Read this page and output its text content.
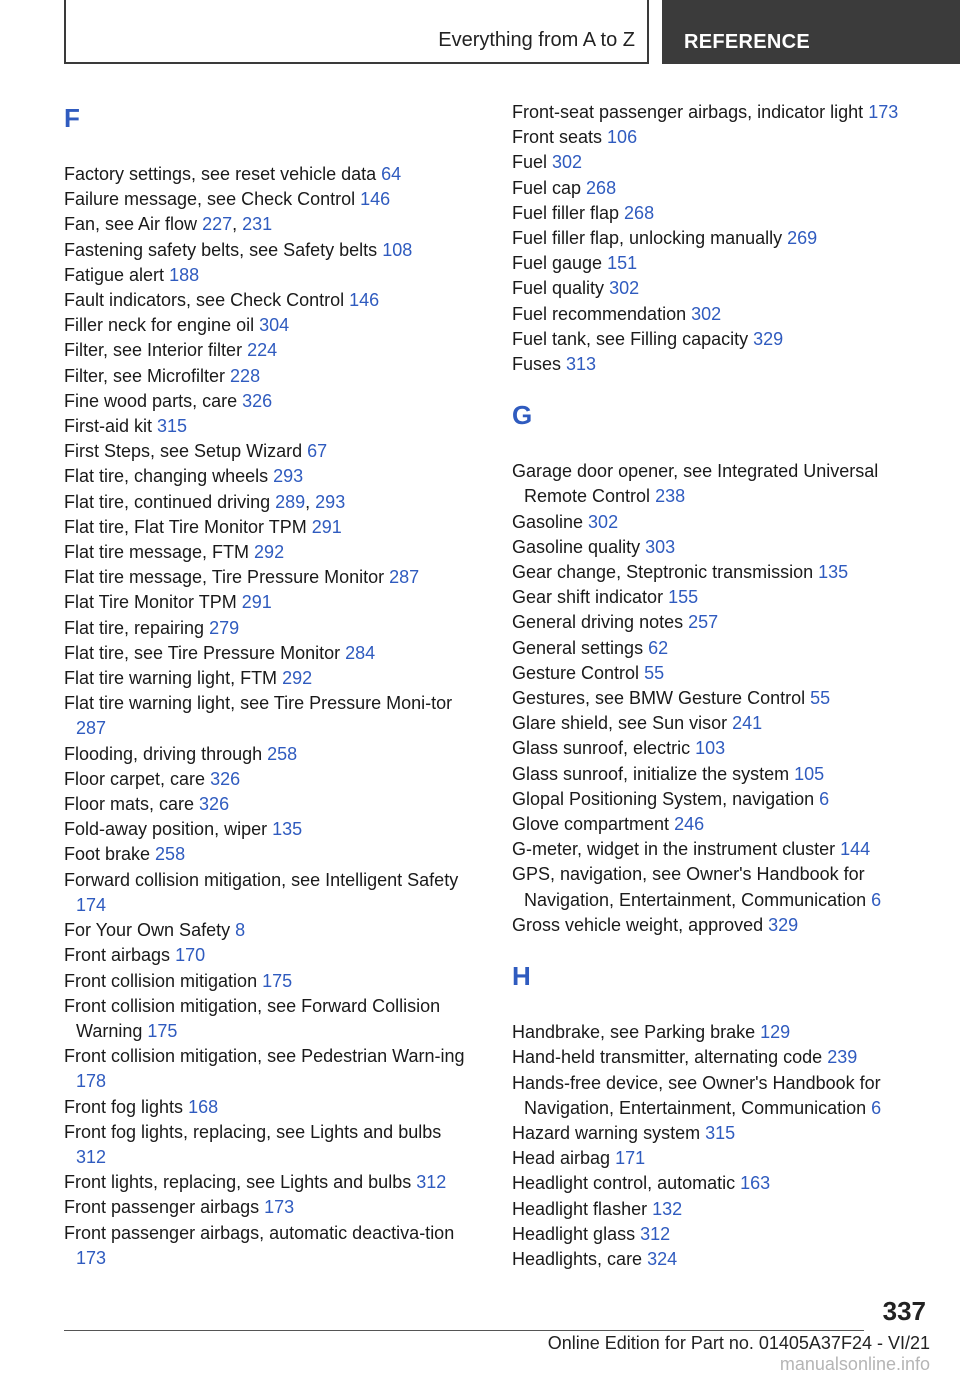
Everything from A to Z REFERENCE
F
Factory settings, see reset vehicle data 64
Failure message, see Check Control 146
Fan, see Air flow 227, 231
Fastening safety belts, see Safety belts 108
Fatigue alert 188
Fault indicators, see Check Control 146
Filler neck for engine oil 304
Filter, see Interior filter 224
Filter, see Microfilter 228
Fine wood parts, care 326
First-aid kit 315
First Steps, see Setup Wizard 67
Flat tire, changing wheels 293
Flat tire, continued driving 289, 293
Flat tire, Flat Tire Monitor TPM 291
Flat tire message, FTM 292
Flat tire message, Tire Pressure Monitor 287
Flat Tire Monitor TPM 291
Flat tire, repairing 279
Flat tire, see Tire Pressure Monitor 284
Flat tire warning light, FTM 292
Flat tire warning light, see Tire Pressure Moni‐tor 287
Flooding, driving through 258
Floor carpet, care 326
Floor mats, care 326
Fold-away position, wiper 135
Foot brake 258
Forward collision mitigation, see Intelligent Safety 174
For Your Own Safety 8
Front airbags 170
Front collision mitigation 175
Front collision mitigation, see Forward Collision Warning 175
Front collision mitigation, see Pedestrian Warn‐ing 178
Front fog lights 168
Front fog lights, replacing, see Lights and bulbs 312
Front lights, replacing, see Lights and bulbs 312
Front passenger airbags 173
Front passenger airbags, automatic deactiva‐tion 173
Front-seat passenger airbags, indicator light 173
Front seats 106
Fuel 302
Fuel cap 268
Fuel filler flap 268
Fuel filler flap, unlocking manually 269
Fuel gauge 151
Fuel quality 302
Fuel recommendation 302
Fuel tank, see Filling capacity 329
Fuses 313
G
Garage door opener, see Integrated Universal Remote Control 238
Gasoline 302
Gasoline quality 303
Gear change, Steptronic transmission 135
Gear shift indicator 155
General driving notes 257
General settings 62
Gesture Control 55
Gestures, see BMW Gesture Control 55
Glare shield, see Sun visor 241
Glass sunroof, electric 103
Glass sunroof, initialize the system 105
Glopal Positioning System, navigation 6
Glove compartment 246
G-meter, widget in the instrument cluster 144
GPS, navigation, see Owner's Handbook for Navigation, Entertainment, Communication 6
Gross vehicle weight, approved 329
H
Handbrake, see Parking brake 129
Hand-held transmitter, alternating code 239
Hands-free device, see Owner's Handbook for Navigation, Entertainment, Communication 6
Hazard warning system 315
Head airbag 171
Headlight control, automatic 163
Headlight flasher 132
Headlight glass 312
Headlights, care 324
337
Online Edition for Part no. 01405A37F24 - VI/21 manualsonline.info
